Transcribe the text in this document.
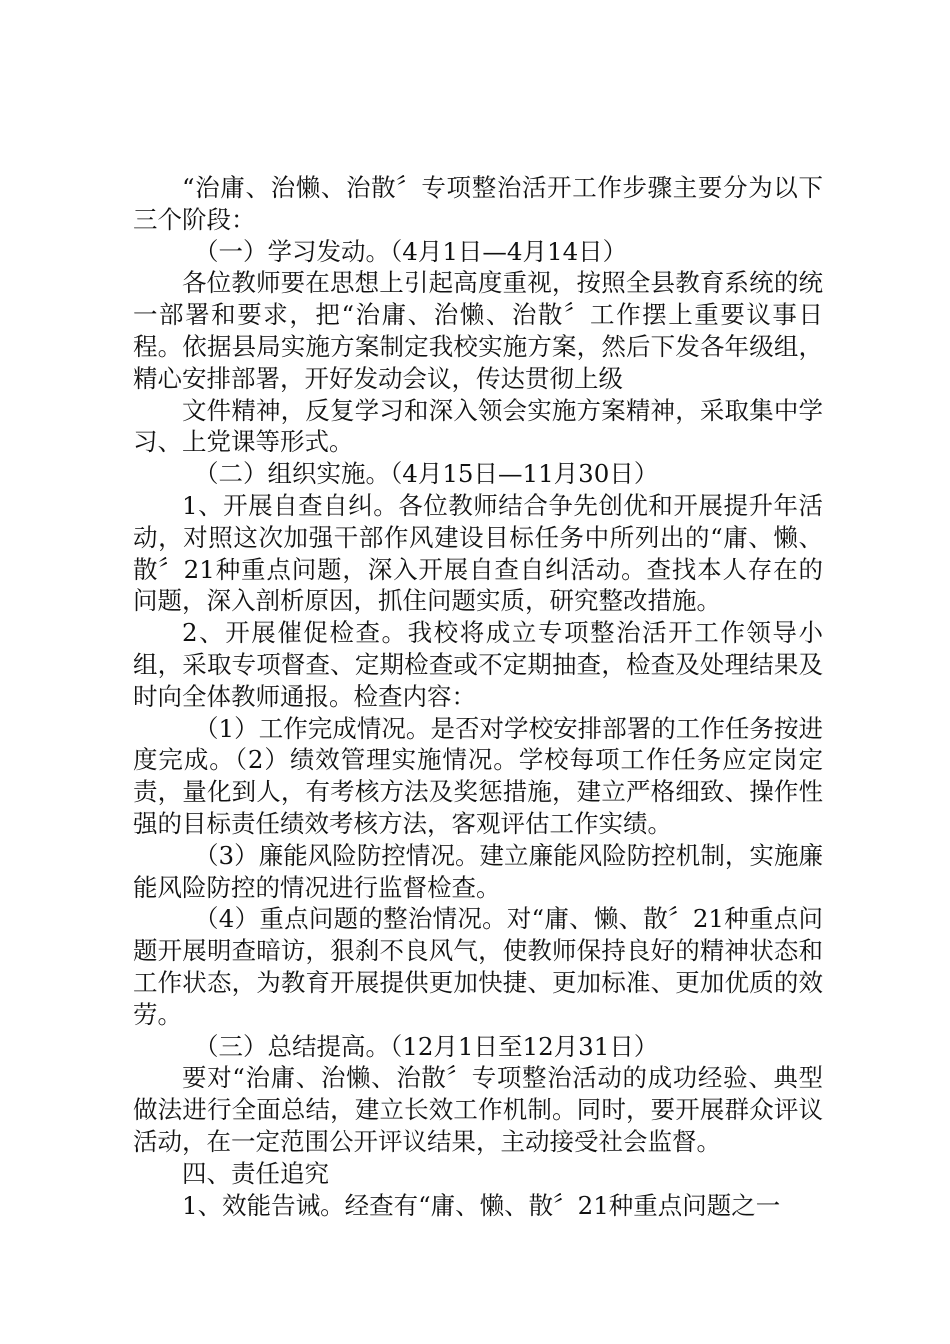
“治庸、治懒、治散〞专项整治活开工作步骤主要分为以下三个阶段：

（一）学习发动。（4月1日—4月14日）

各位教师要在思想上引起高度重视，按照全县教育系统的统一部署和要求，把“治庸、治懒、治散〞工作摆上重要议事日程。依据县局实施方案制定我校实施方案，然后下发各年级组，精心安排部署，开好发动会议，传达贯彻上级

文件精神，反复学习和深入领会实施方案精神，采取集中学习、上党课等形式。

（二）组织实施。（4月15日—11月30日）

1、开展自查自纠。各位教师结合争先创优和开展提升年活动，对照这次加强干部作风建设目标任务中所列出的“庸、懒、散〞21种重点问题，深入开展自查自纠活动。查找本人存在的问题，深入剖析原因，抓住问题实质，研究整改措施。

2、开展催促检查。我校将成立专项整治活开工作领导小组，采取专项督查、定期检查或不定期抽查，检查及处理结果及时向全体教师通报。检查内容：

（1）工作完成情况。是否对学校安排部署的工作任务按进度完成。（2）绩效管理实施情况。学校每项工作任务应定岗定责，量化到人，有考核方法及奖惩措施，建立严格细致、操作性强的目标责任绩效考核方法，客观评估工作实绩。

（3）廉能风险防控情况。建立廉能风险防控机制，实施廉能风险防控的情况进行监督检查。

（4）重点问题的整治情况。对“庸、懒、散〞21种重点问题开展明查暗访，狠刹不良风气，使教师保持良好的精神状态和工作状态，为教育开展提供更加快捷、更加标准、更加优质的效劳。

（三）总结提高。（12月1日至12月31日）

要对“治庸、治懒、治散〞专项整治活动的成功经验、典型做法进行全面总结，建立长效工作机制。同时，要开展群众评议活动，在一定范围公开评议结果，主动接受社会监督。

四、责任追究

1、效能告诫。经查有“庸、懒、散〞21种重点问题之一
